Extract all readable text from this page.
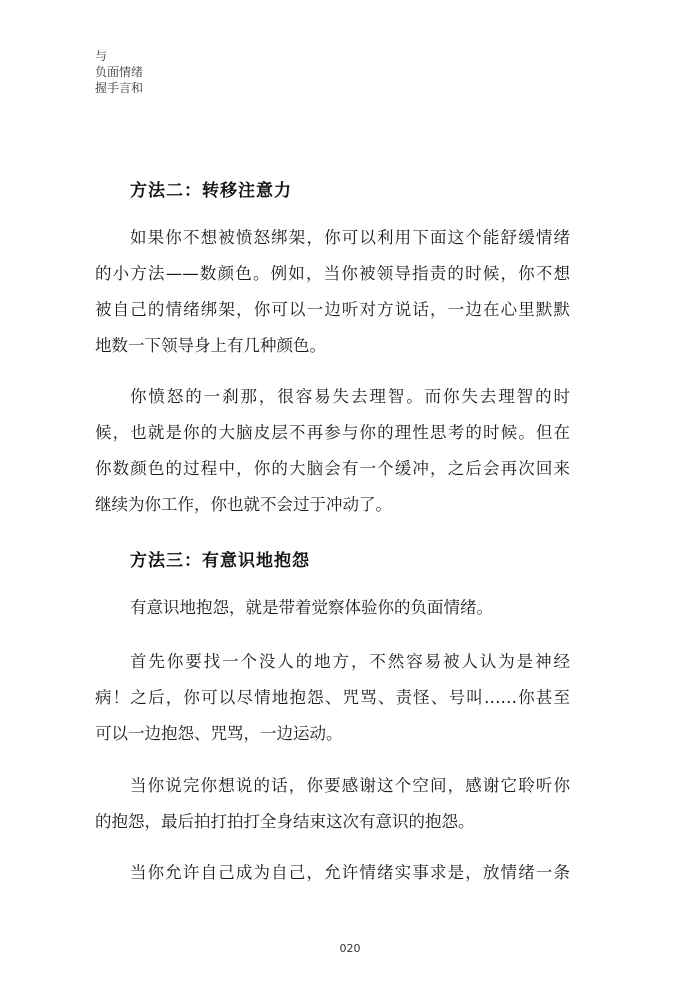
与
负面情绪
握手言和
方法二：转移注意力
如果你不想被愤怒绑架，你可以利用下面这个能舒缓情绪
的小方法——数颜色。例如，当你被领导指责的时候，你不想
被自己的情绪绑架，你可以一边听对方说话，一边在心里默默
地数一下领导身上有几种颜色。
你愤怒的一刹那，很容易失去理智。而你失去理智的时
候，也就是你的大脑皮层不再参与你的理性思考的时候。但在
你数颜色的过程中，你的大脑会有一个缓冲，之后会再次回来
继续为你工作，你也就不会过于冲动了。
方法三：有意识地抱怨
有意识地抱怨，就是带着觉察体验你的负面情绪。
首先你要找一个没人的地方，不然容易被人认为是神经
病！之后，你可以尽情地抱怨、咒骂、责怪、号叫……你甚至
可以一边抱怨、咒骂，一边运动。
当你说完你想说的话，你要感谢这个空间，感谢它聆听你
的抱怨，最后拍打拍打全身结束这次有意识的抱怨。
当你允许自己成为自己，允许情绪实事求是，放情绪一条
020
